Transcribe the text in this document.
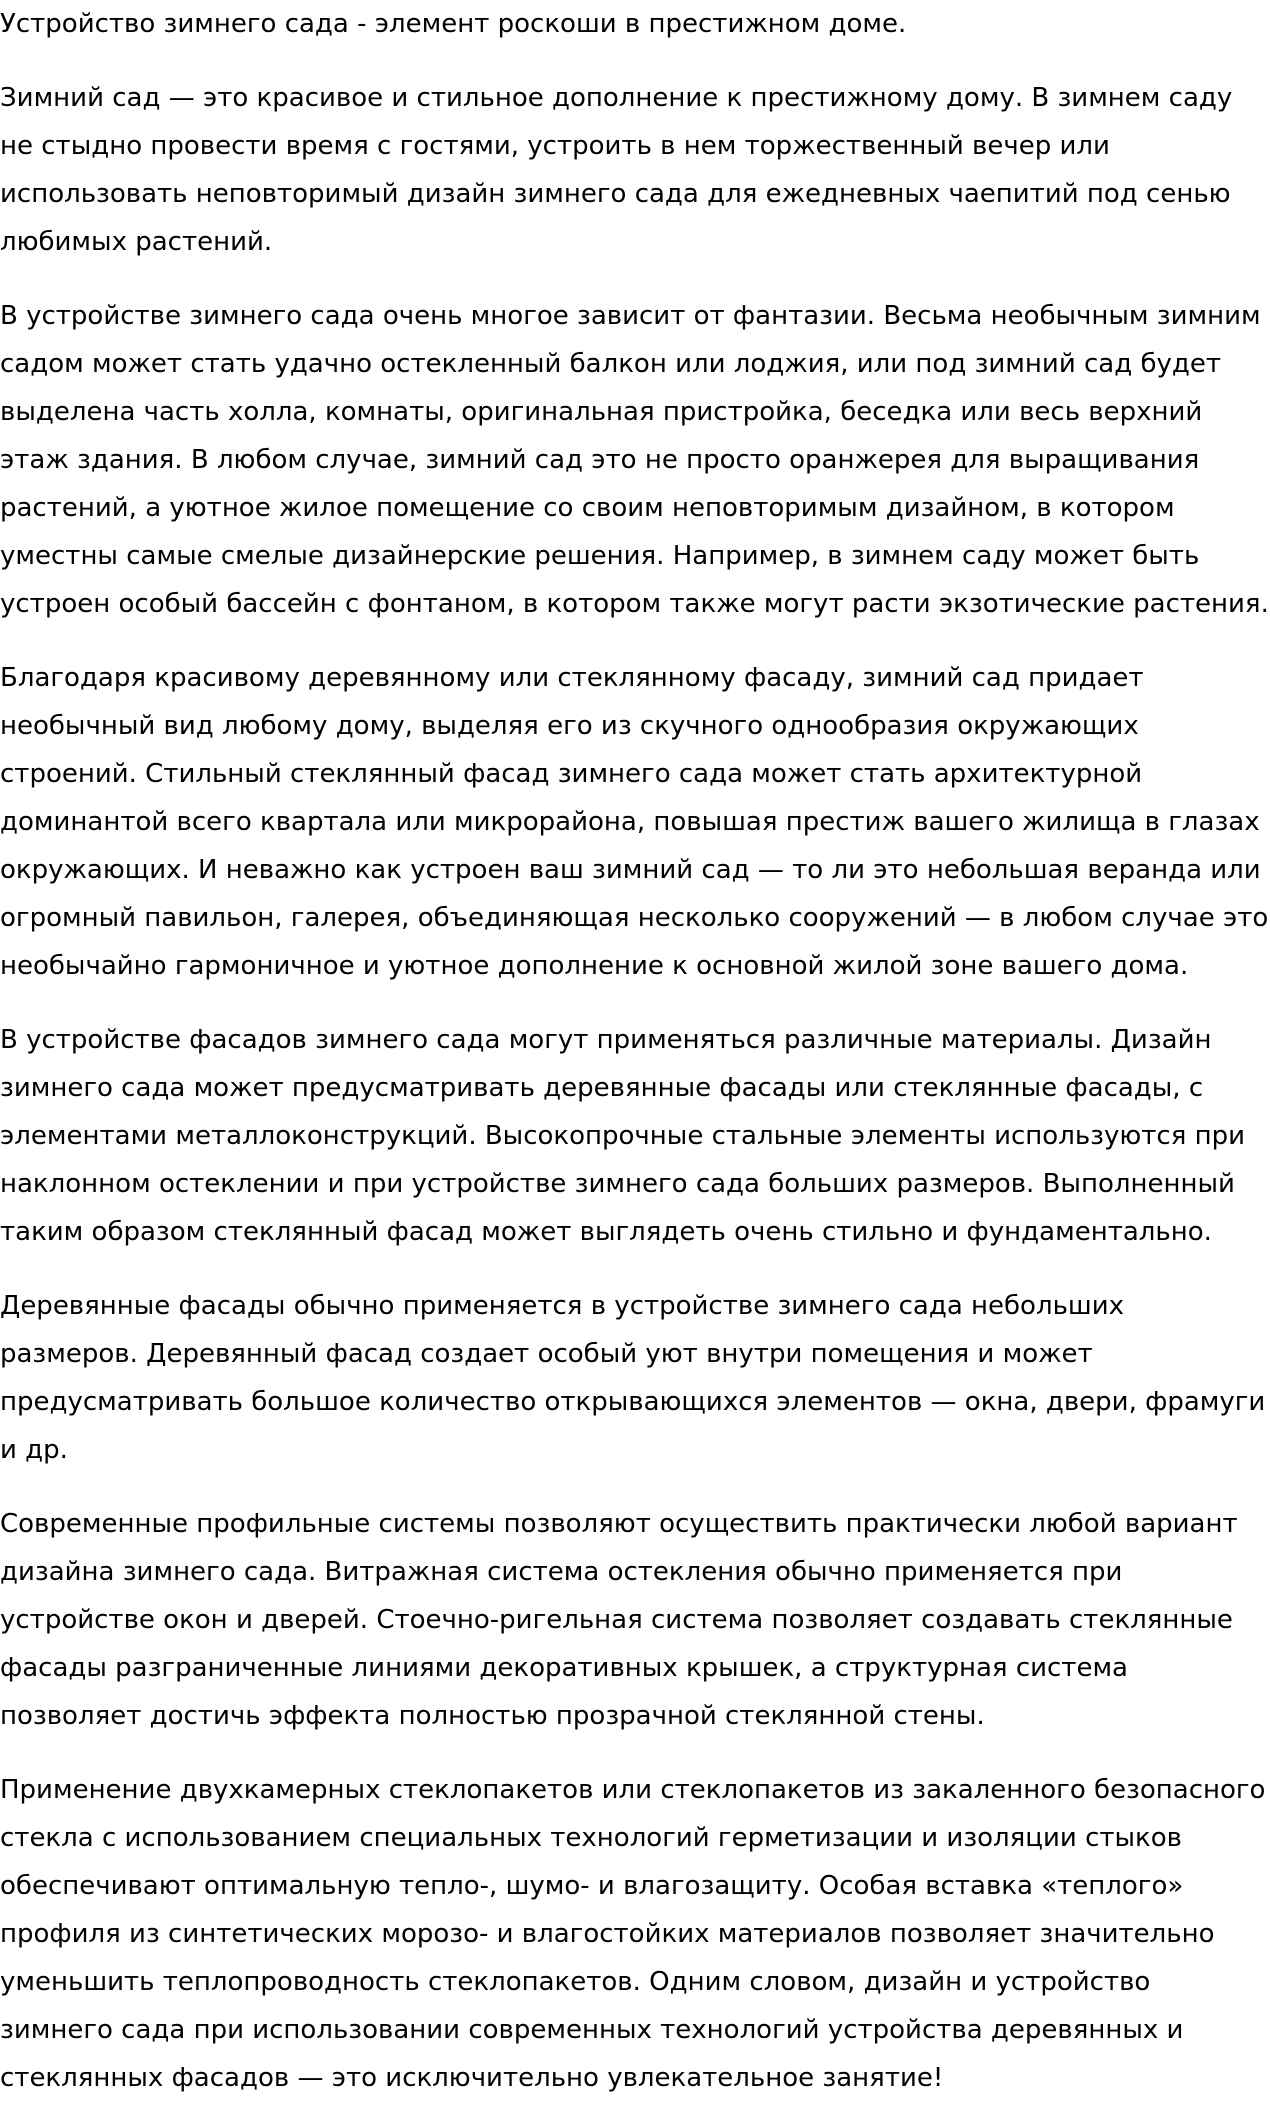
Устройство зимнего сада - элемент роскоши в престижном доме.

Зимний сад — это красивое и стильное дополнение к престижному дому. В зимнем саду не стыдно провести время с гостями, устроить в нем торжественный вечер или использовать неповторимый дизайн зимнего сада для ежедневных чаепитий под сенью любимых растений.

В устройстве зимнего сада очень многое зависит от фантазии. Весьма необычным зимним садом может стать удачно остекленный балкон или лоджия, или под зимний сад будет выделена часть холла, комнаты, оригинальная пристройка, беседка или весь верхний этаж здания. В любом случае, зимний сад это не просто оранжерея для выращивания растений, а уютное жилое помещение со своим неповторимым дизайном, в котором уместны самые смелые дизайнерские решения. Например, в зимнем саду может быть устроен особый бассейн с фонтаном, в котором также могут расти экзотические растения.

Благодаря красивому деревянному или стеклянному фасаду, зимний сад придает необычный вид любому дому, выделяя его из скучного однообразия окружающих строений. Стильный стеклянный фасад зимнего сада может стать архитектурной доминантой всего квартала или микрорайона, повышая престиж вашего жилища в глазах окружающих. И неважно как устроен ваш зимний сад — то ли это небольшая веранда или огромный павильон, галерея, объединяющая несколько сооружений — в любом случае это необычайно гармоничное и уютное дополнение к основной жилой зоне вашего дома.

В устройстве фасадов зимнего сада могут применяться различные материалы. Дизайн зимнего сада может предусматривать деревянные фасады или стеклянные фасады, с элементами металлоконструкций. Высокопрочные стальные элементы используются при наклонном остеклении и при устройстве зимнего сада больших размеров. Выполненный таким образом стеклянный фасад может выглядеть очень стильно и фундаментально.

Деревянные фасады обычно применяется в устройстве зимнего сада небольших размеров. Деревянный фасад создает особый уют внутри помещения и может предусматривать большое количество открывающихся элементов — окна, двери, фрамуги и др.

Современные профильные системы позволяют осуществить практически любой вариант дизайна зимнего сада. Витражная система остекления обычно применяется при устройстве окон и дверей. Стоечно-ригельная система позволяет создавать стеклянные фасады разграниченные линиями декоративных крышек, а структурная система позволяет достичь эффекта полностью прозрачной стеклянной стены.

Применение двухкамерных стеклопакетов или стеклопакетов из закаленного безопасного стекла с использованием специальных технологий герметизации и изоляции стыков обеспечивают оптимальную тепло-, шумо- и влагозащиту. Особая вставка «теплого» профиля из синтетических морозо- и влагостойких материалов позволяет значительно уменьшить теплопроводность стеклопакетов. Одним словом, дизайн и устройство зимнего сада при использовании современных технологий устройства деревянных и стеклянных фасадов — это исключительно увлекательное занятие!
